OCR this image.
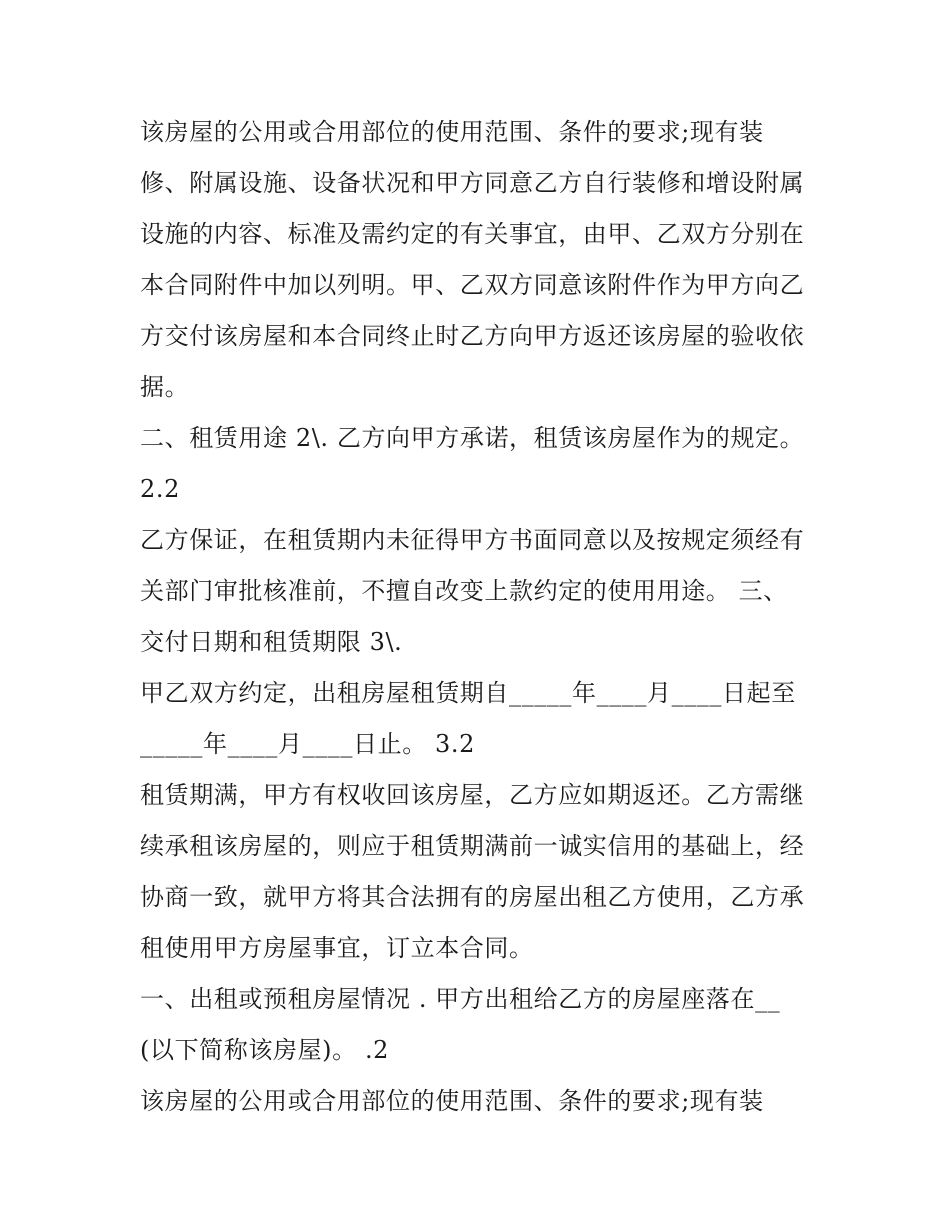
该房屋的公用或合用部位的使用范围、条件的要求;现有装
修、附属设施、设备状况和甲方同意乙方自行装修和增设附属
设施的内容、标准及需约定的有关事宜，由甲、乙双方分别在
本合同附件中加以列明。甲、乙双方同意该附件作为甲方向乙
方交付该房屋和本合同终止时乙方向甲方返还该房屋的验收依
据。
二、租赁用途 2\. 乙方向甲方承诺，租赁该房屋作为的规定。
2.2
乙方保证，在租赁期内未征得甲方书面同意以及按规定须经有
关部门审批核准前，不擅自改变上款约定的使用用途。 三、
交付日期和租赁期限 3\.
甲乙双方约定，出租房屋租赁期自_____年____月____日起至
_____年____月____日止。 3.2
租赁期满，甲方有权收回该房屋，乙方应如期返还。乙方需继
续承租该房屋的，则应于租赁期满前一诚实信用的基础上，经
协商一致，就甲方将其合法拥有的房屋出租乙方使用，乙方承
租使用甲方房屋事宜，订立本合同。
一、出租或预租房屋情况 . 甲方出租给乙方的房屋座落在__
(以下简称该房屋)。 .2
该房屋的公用或合用部位的使用范围、条件的要求;现有装
